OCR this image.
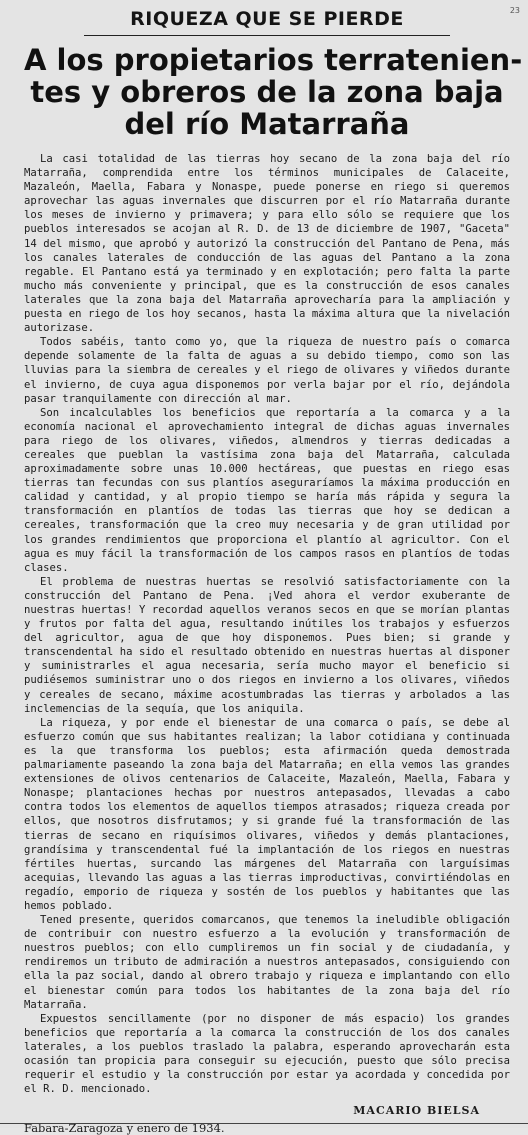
23
RIQUEZA QUE SE PIERDE
A los propietarios terratenien-
tes y obreros de la zona baja
del río Matarraña

La casi totalidad de las tierras hoy secano de la zona baja del río Matarraña, comprendida entre los términos municipales de Calaceite, Mazaleón, Maella, Fabara y Nonaspe, puede ponerse en riego si queremos aprovechar las aguas invernales que discurren por el río Matarraña durante los meses de invierno y primavera; y para ello sólo se requiere que los pueblos interesados se acojan al R. D. de 13 de diciembre de 1907, "Gaceta" 14 del mismo, que aprobó y autorizó la construcción del Pantano de Pena, más los canales laterales de conducción de las aguas del Pantano a la zona regable. El Pantano está ya terminado y en explotación; pero falta la parte mucho más conveniente y principal, que es la construcción de esos canales laterales que la zona baja del Matarraña aprovecharía para la ampliación y puesta en riego de los hoy secanos, hasta la máxima altura que la nivelación autorizase.

Todos sabéis, tanto como yo, que la riqueza de nuestro país o comarca depende solamente de la falta de aguas a su debido tiempo, como son las lluvias para la siembra de cereales y el riego de olivares y viñedos durante el invierno, de cuya agua disponemos por verla bajar por el río, dejándola pasar tranquilamente con dirección al mar.

Son incalculables los beneficios que reportaría a la comarca y a la economía nacional el aprovechamiento integral de dichas aguas invernales para riego de los olivares, viñedos, almendros y tierras dedicadas a cereales que pueblan la vastísima zona baja del Matarraña, calculada aproximadamente sobre unas 10.000 hectáreas, que puestas en riego esas tierras tan fecundas con sus plantíos aseguraríamos la máxima producción en calidad y cantidad, y al propio tiempo se haría más rápida y segura la transformación en plantíos de todas las tierras que hoy se dedican a cereales, transformación que la creo muy necesaria y de gran utilidad por los grandes rendimientos que proporciona el plantío al agricultor. Con el agua es muy fácil la transformación de los campos rasos en plantíos de todas clases.

El problema de nuestras huertas se resolvió satisfactoriamente con la construcción del Pantano de Pena. ¡Ved ahora el verdor exuberante de nuestras huertas! Y recordad aquellos veranos secos en que se morían plantas y frutos por falta del agua, resultando inútiles los trabajos y esfuerzos del agricultor, agua de que hoy disponemos. Pues bien; si grande y transcendental ha sido el resultado obtenido en nuestras huertas al disponer y suministrarles el agua necesaria, sería mucho mayor el beneficio si pudiésemos suministrar uno o dos riegos en invierno a los olivares, viñedos y cereales de secano, máxime acostumbradas las tierras y arbolados a las inclemencias de la sequía, que los aniquila.

La riqueza, y por ende el bienestar de una comarca o país, se debe al esfuerzo común que sus habitantes realizan; la labor cotidiana y continuada es la que transforma los pueblos; esta afirmación queda demostrada palmariamente paseando la zona baja del Matarraña; en ella vemos las grandes extensiones de olivos centenarios de Calaceite, Mazaleón, Maella, Fabara y Nonaspe; plantaciones hechas por nuestros antepasados, llevadas a cabo contra todos los elementos de aquellos tiempos atrasados; riqueza creada por ellos, que nosotros disfrutamos; y si grande fué la transformación de las tierras de secano en riquísimos olivares, viñedos y demás plantaciones, grandísima y transcendental fué la implantación de los riegos en nuestras fértiles huertas, surcando las márgenes del Matarraña con larguísimas acequias, llevando las aguas a las tierras improductivas, convirtiéndolas en regadío, emporio de riqueza y sostén de los pueblos y habitantes que las hemos poblado.

Tened presente, queridos comarcanos, que tenemos la ineludible obligación de contribuir con nuestro esfuerzo a la evolución y transformación de nuestros pueblos; con ello cumpliremos un fin social y de ciudadanía, y rendiremos un tributo de admiración a nuestros antepasados, consiguiendo con ella la paz social, dando al obrero trabajo y riqueza e implantando con ello el bienestar común para todos los habitantes de la zona baja del río Matarraña.

Expuestos sencillamente (por no disponer de más espacio) los grandes beneficios que reportaría a la comarca la construcción de los dos canales laterales, a los pueblos traslado la palabra, esperando aprovecharán esta ocasión tan propicia para conseguir su ejecución, puesto que sólo precisa requerir el estudio y la construcción por estar ya acordada y concedida por el R. D. mencionado.

MACARIO BIELSA
Fabara-Zaragoza y enero de 1934.
